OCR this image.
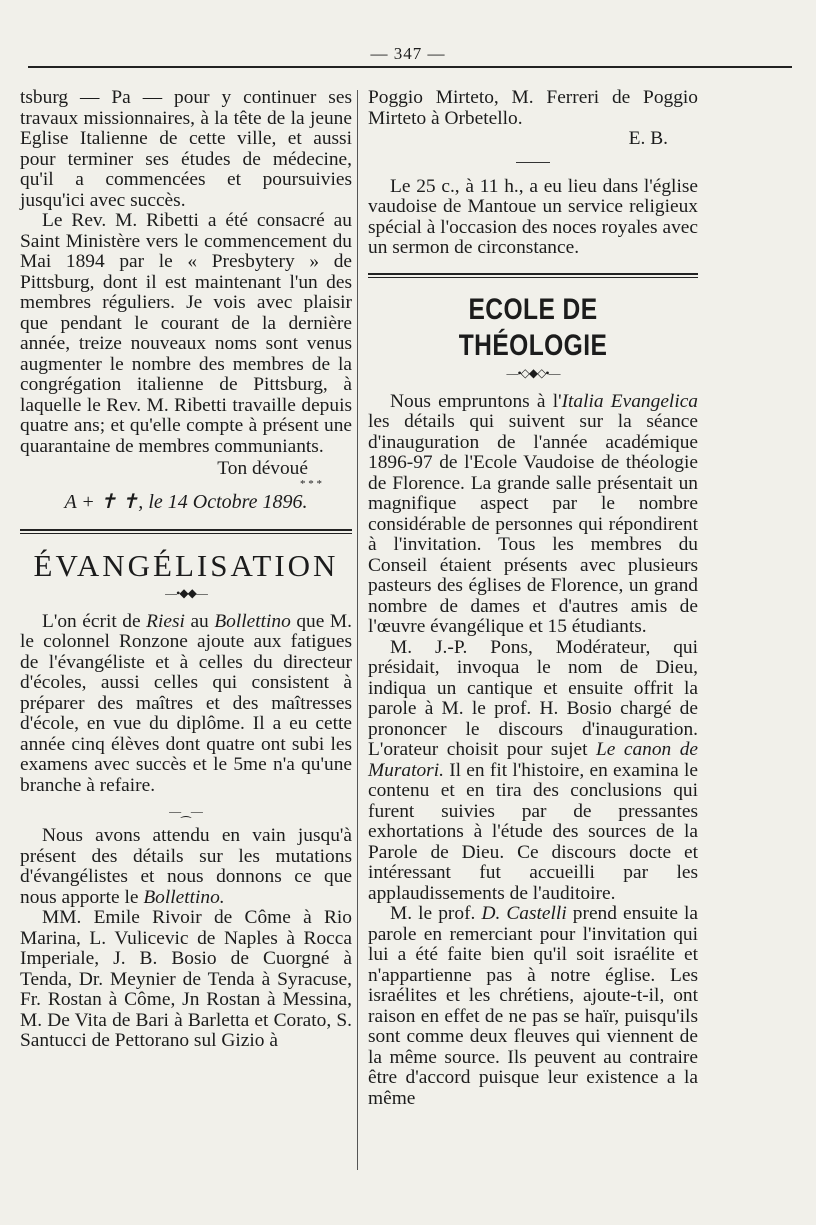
— 347 —

tsburg — Pa — pour y continuer ses travaux missionnaires, à la tête de la jeune Eglise Italienne de cette ville, et aussi pour terminer ses études de médecine, qu'il a commencées et poursuivies jusqu'ici avec succès.

Le Rev. M. Ribetti a été consacré au Saint Ministère vers le commencement du Mai 1894 par le « Presbytery » de Pittsburg, dont il est maintenant l'un des membres réguliers. Je vois avec plaisir que pendant le courant de la dernière année, treize nouveaux noms sont venus augmenter le nombre des membres de la congrégation italienne de Pittsburg, à laquelle le Rev. M. Ribetti travaille depuis quatre ans; et qu'elle compte à présent une quarantaine de membres communiants.

Ton dévoué

* * *

A + ✝ ✝, le 14 Octobre 1896.

ÉVANGÉLISATION
—•◆◆—

L'on écrit de Riesi au Bollettino que M. le colonnel Ronzone ajoute aux fatigues de l'évangéliste et à celles du directeur d'écoles, aussi celles qui consistent à préparer des maîtres et des maîtresses d'école, en vue du diplôme. Il a eu cette année cinq élèves dont quatre ont subi les examens avec succès et le 5me n'a qu'une branche à refaire.

—⁔—

Nous avons attendu en vain jusqu'à présent des détails sur les mutations d'évangélistes et nous donnons ce que nous apporte le Bollettino.

MM. Emile Rivoir de Côme à Rio Marina, L. Vulicevic de Naples à Rocca Imperiale, J. B. Bosio de Cuorgné à Tenda, Dr. Meynier de Tenda à Syracuse, Fr. Rostan à Côme, Jn Rostan à Messina, M. De Vita de Bari à Barletta et Corato, S. Santucci de Pettorano sul Gizio à

Poggio Mirteto, M. Ferreri de Poggio Mirteto à Orbetello.

E. B.

Le 25 c., à 11 h., a eu lieu dans l'église vaudoise de Mantoue un service religieux spécial à l'occasion des noces royales avec un sermon de circonstance.

ECOLE DE THÉOLOGIE
—•◇◆◇•—

Nous empruntons à l'Italia Evangelica les détails qui suivent sur la séance d'inauguration de l'année académique 1896-97 de l'Ecole Vaudoise de théologie de Florence. La grande salle présentait un magnifique aspect par le nombre considérable de personnes qui répondirent à l'invitation. Tous les membres du Conseil étaient présents avec plusieurs pasteurs des églises de Florence, un grand nombre de dames et d'autres amis de l'œuvre évangélique et 15 étudiants.

M. J.-P. Pons, Modérateur, qui présidait, invoqua le nom de Dieu, indiqua un cantique et ensuite offrit la parole à M. le prof. H. Bosio chargé de prononcer le discours d'inauguration. L'orateur choisit pour sujet Le canon de Muratori. Il en fit l'histoire, en examina le contenu et en tira des conclusions qui furent suivies par de pressantes exhortations à l'étude des sources de la Parole de Dieu. Ce discours docte et intéressant fut accueilli par les applaudissements de l'auditoire.

M. le prof. D. Castelli prend ensuite la parole en remerciant pour l'invitation qui lui a été faite bien qu'il soit israélite et n'appartienne pas à notre église. Les israélites et les chrétiens, ajoute-t-il, ont raison en effet de ne pas se haïr, puisqu'ils sont comme deux fleuves qui viennent de la même source. Ils peuvent au contraire être d'accord puisque leur existence a la même
